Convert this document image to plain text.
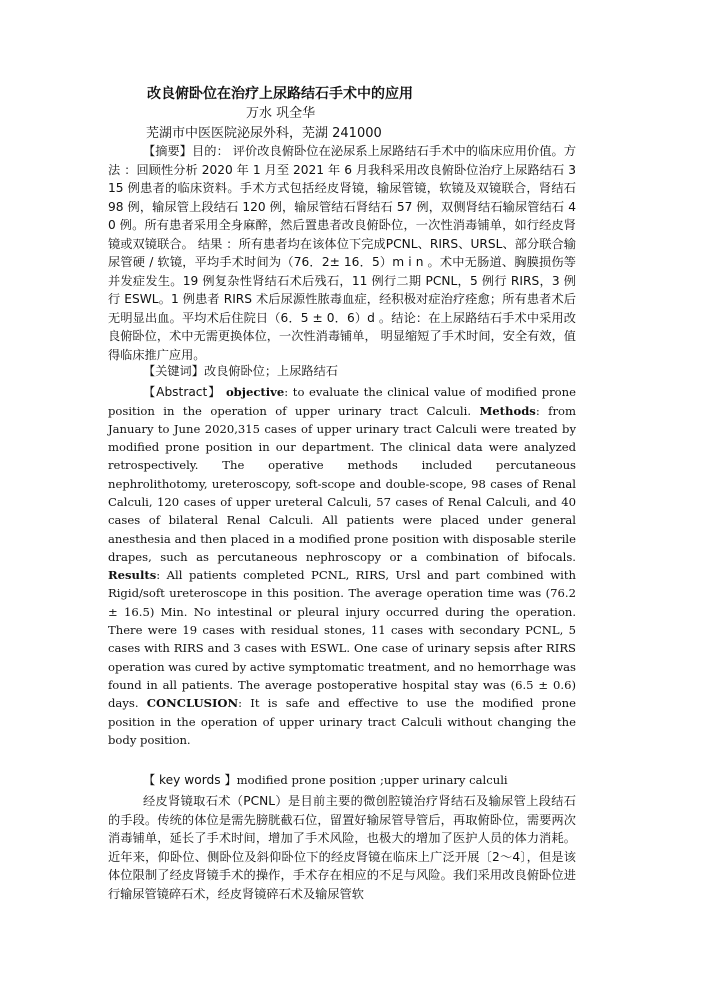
改良俯卧位在治疗上尿路结石手术中的应用
万水 巩全华
芜湖市中医医院泌尿外科，芜湖 241000
【摘要】目的： 评价改良俯卧位在泌尿系上尿路结石手术中的临床应用价值。方法 ：回顾性分析 2020 年 1 月至 2021 年 6 月我科采用改良俯卧位治疗上尿路结石 315 例患者的临床资料。手术方式包括经皮肾镜，输尿管镜，软镜及双镜联合，肾结石 98 例，输尿管上段结石 120 例，输尿管结石肾结石 57 例，双侧肾结石输尿管结石 40 例。所有患者采用全身麻醉，然后置患者改良俯卧位，一次性消毒铺单，如行经皮肾镜或双镜联合。 结果 ：所有患者均在该体位下完成PCNL、RIRS、URSL、部分联合输尿管硬 / 软镜，平均手术时间为（76．2± 16．5）m i n 。术中无肠道、胸膜损伤等并发症发生。19 例复杂性肾结石术后残石，11 例行二期 PCNL，5 例行 RIRS，3 例行 ESWL。1 例患者 RIRS 术后尿源性脓毒血症，经积极对症治疗痊愈；所有患者术后无明显出血。平均术后住院日（6．5 ± 0．6）d 。结论：在上尿路结石手术中采用改良俯卧位，术中无需更换体位，一次性消毒铺单， 明显缩短了手术时间，安全有效，值得临床推广应用。
【关键词】改良俯卧位；上尿路结石
【Abstract】 objective: to evaluate the clinical value of modified prone position in the operation of upper urinary tract Calculi. Methods: from January to June 2020,315 cases of upper urinary tract Calculi were treated by modified prone position in our department. The clinical data were analyzed retrospectively. The operative methods included percutaneous nephrolithotomy, ureteroscopy, soft-scope and double-scope, 98 cases of Renal Calculi, 120 cases of upper ureteral Calculi, 57 cases of Renal Calculi, and 40 cases of bilateral Renal Calculi. All patients were placed under general anesthesia and then placed in a modified prone position with disposable sterile drapes, such as percutaneous nephroscopy or a combination of bifocals. Results: All patients completed PCNL, RIRS, Ursl and part combined with Rigid/soft ureteroscope in this position. The average operation time was (76.2 ± 16.5) Min. No intestinal or pleural injury occurred during the operation. There were 19 cases with residual stones, 11 cases with secondary PCNL, 5 cases with RIRS and 3 cases with ESWL. One case of urinary sepsis after RIRS operation was cured by active symptomatic treatment, and no hemorrhage was found in all patients. The average postoperative hospital stay was (6.5 ± 0.6) days. CONCLUSION: It is safe and effective to use the modified prone position in the operation of upper urinary tract Calculi without changing the body position.
【 key words 】modified prone position ;upper urinary calculi
经皮肾镜取石术（PCNL）是目前主要的微创腔镜治疗肾结石及输尿管上段结石的手段。传统的体位是需先膀胱截石位，留置好输尿管导管后，再取俯卧位，需要两次消毒铺单，延长了手术时间，增加了手术风险，也极大的增加了医护人员的体力消耗。近年来，仰卧位、侧卧位及斜仰卧位下的经皮肾镜在临床上广泛开展〔2～4〕，但是该体位限制了经皮肾镜手术的操作，手术存在相应的不足与风险。我们采用改良俯卧位进行输尿管镜碎石术，经皮肾镜碎石术及输尿管软
